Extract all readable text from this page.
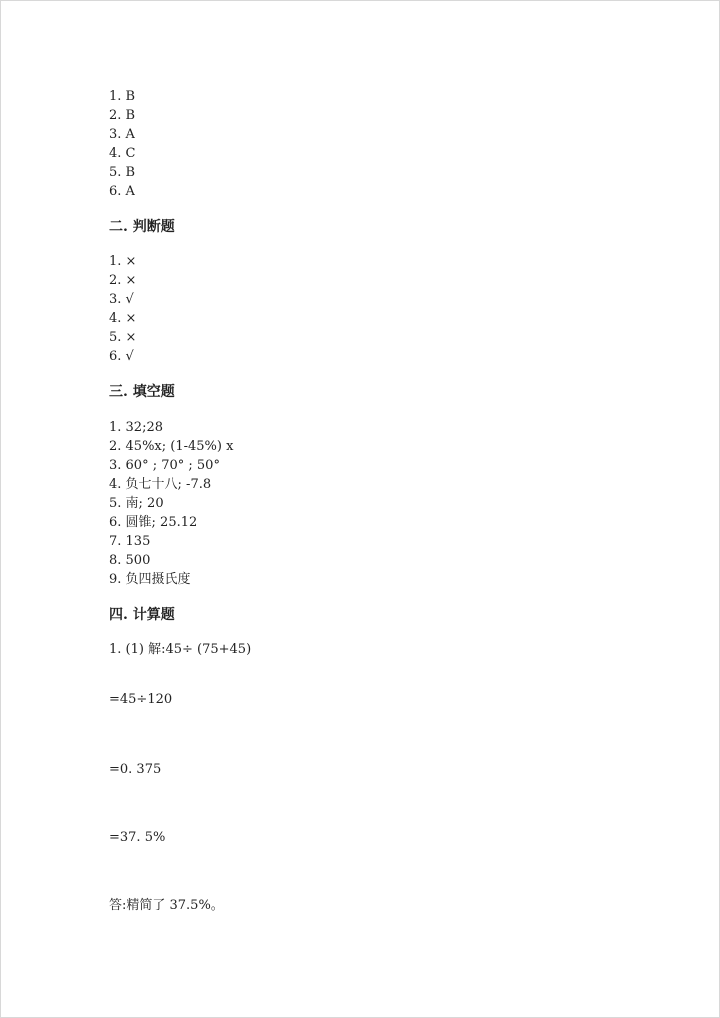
1. B
2. B
3. A
4. C
5. B
6. A
二. 判断题
1. ×
2. ×
3. √
4. ×
5. ×
6. √
三. 填空题
1. 32;28
2. 45%x; (1-45%) x
3. 60° ; 70° ; 50°
4. 负七十八; -7.8
5. 南; 20
6. 圆锥; 25.12
7. 135
8. 500
9. 负四摄氏度
四. 计算题
1. (1) 解:45÷ (75+45)
=45÷120
=0. 375
=37. 5%
答:精简了 37.5%。
